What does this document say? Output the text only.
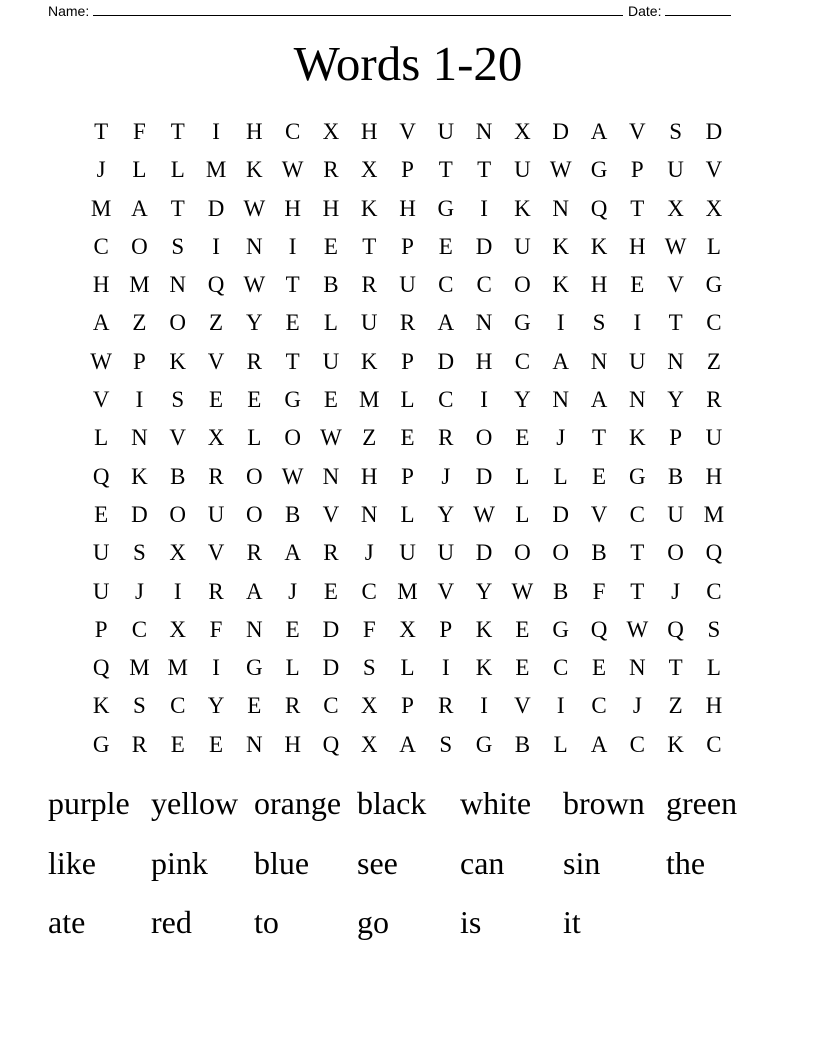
Name:	Date:
Words 1-20
T	F	T	I	H C X H V U N X D A V	S	D
J	L	L M K W R X	P	T	T U W G	P	U V
M A T D W H H K H G	I	K N Q T X X
C O	S	I	N	I	E	T	P	E D U K K H W L
H M N Q W T	B R U C C O K H E V G
A Z O Z Y E	L U R A N G	I	S	I	T	C
W P	K V R	T U K	P	D H C A N U N Z
V	I	S	E	E G E M L	C	I	Y N A N Y R
L N V X L O W Z	E	R O E	J	T K	P	U
Q K B R O W N H	P	J	D L	L	E G B H
E D O U O B V N L Y W L D V C U M
U	S	X V R A R	J	U U D O O B	T O Q
U	J	I	R A	J	E	C M V Y W B	F	T	J	C
P	C X	F	N E D	F	X	P	K E G Q W Q	S
Q M M	I	G L D	S	L	I	K E	C	E N T	L
K	S	C Y E	R C X	P	R	I	V	I	C	J	Z H
G R	E	E N H Q X A	S	G B	L A C K C
purple yellow orange black	white brown green
like	pink	blue	see	can	sin	the
ate	red	to	go	is	it
